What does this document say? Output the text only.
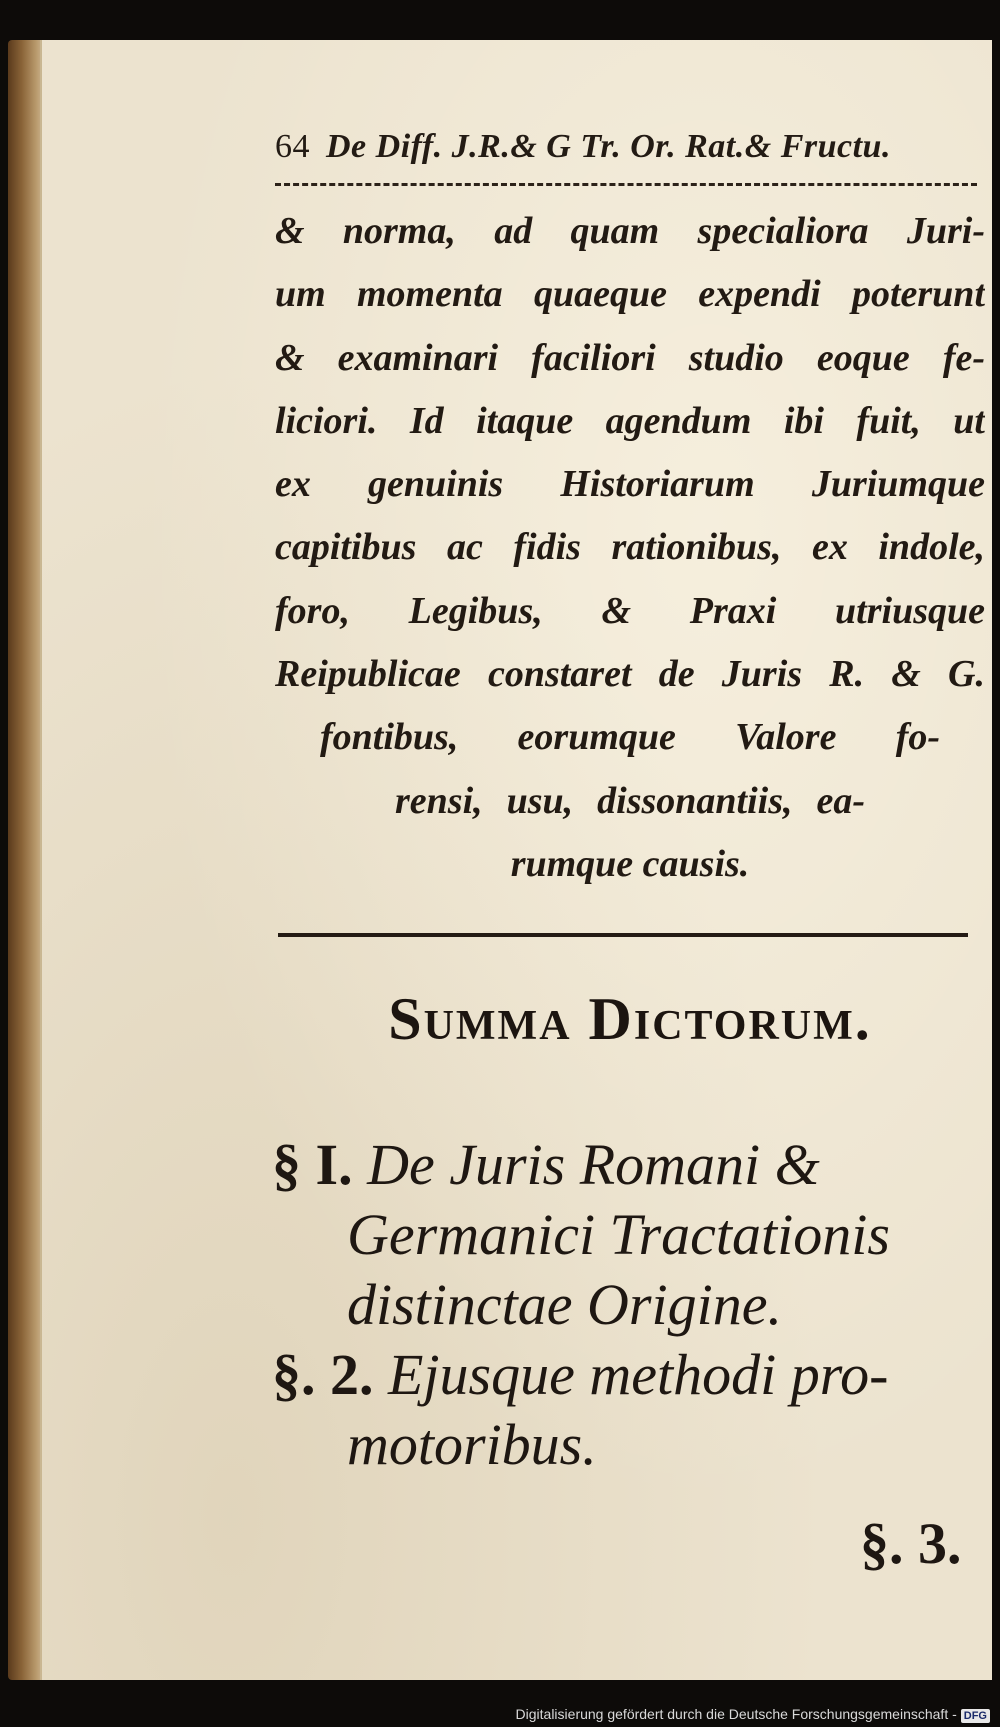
64 De Diff. J.R.& G Tr. Or. Rat.& Fructu.
& norma, ad quam specialiora Juri-
um momenta quaeque expendi poterunt
& examinari faciliori studio eoque fe-
liciori. Id itaque agendum ibi fuit, ut
ex genuinis Historiarum Juriumque
capitibus ac fidis rationibus, ex indole,
foro, Legibus, & Praxi utriusque
Reipublicae constaret de Juris R. & G.
fontibus, eorumque Valore fo-
rensi, usu, dissonantiis, ea-
rumque causis.
Summa Dictorum.
§ I. De Juris Romani &
Germanici Tractationis
distinctae Origine.
§. 2. Ejusque methodi pro-
motoribus.
§. 3.
Digitalisierung gefördert durch die Deutsche Forschungsgemeinschaft - DFG
